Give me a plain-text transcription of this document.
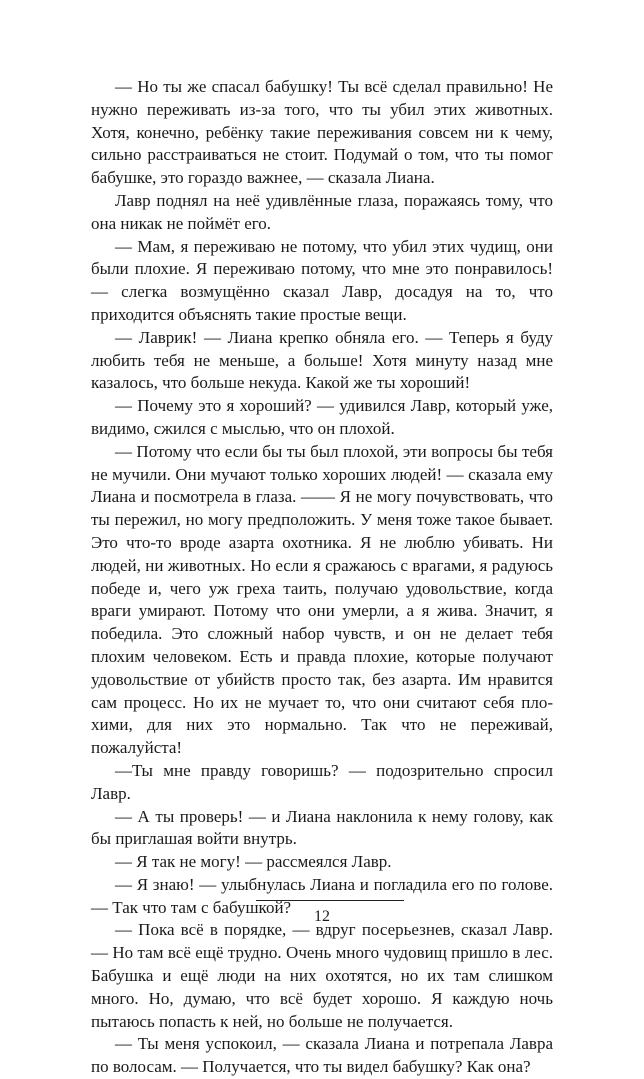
— Но ты же спасал бабушку! Ты всё сделал правильно! Не нужно переживать из-за того, что ты убил этих животных. Хотя, конечно, ребёнку такие переживания совсем ни к чему, сильно расстраиваться не стоит. Подумай о том, что ты помог бабушке, это гораздо важнее, — сказала Лиана.

Лавр поднял на неё удивлённые глаза, поражаясь тому, что она никак не поймёт его.

— Мам, я переживаю не потому, что убил этих чудищ, они были плохие. Я переживаю потому, что мне это понравилось! — слегка возмущённо сказал Лавр, досадуя на то, что приходится объяснять такие простые вещи.

— Лаврик! — Лиана крепко обняла его. — Теперь я буду любить тебя не меньше, а больше! Хотя минуту назад мне казалось, что больше некуда. Какой же ты хороший!

— Почему это я хороший? — удивился Лавр, который уже, видимо, сжился с мыслью, что он плохой.

— Потому что если бы ты был плохой, эти вопросы бы тебя не мучили. Они мучают только хороших людей! — сказала ему Лиана и посмотрела в глаза. —— Я не могу почувствовать, что ты пережил, но могу предположить. У меня тоже такое бывает. Это что-то вроде азарта охотника. Я не люблю убивать. Ни людей, ни животных. Но если я сражаюсь с врагами, я радуюсь победе и, чего уж греха таить, получаю удовольствие, когда враги умирают. Потому что они умерли, а я жива. Значит, я победила. Это сложный набор чувств, и он не делает тебя плохим человеком. Есть и правда плохие, которые получают удовольствие от убийств просто так, без азарта. Им нравится сам процесс. Но их не мучает то, что они считают себя плохими, для них это нормально. Так что не переживай, пожалуйста!

—Ты мне правду говоришь? — подозрительно спросил Лавр.

— А ты проверь! — и Лиана наклонила к нему голову, как бы приглашая войти внутрь.

— Я так не могу! — рассмеялся Лавр.

— Я знаю! — улыбнулась Лиана и погладила его по голове. — Так что там с бабушкой?

— Пока всё в порядке, — вдруг посерьезнев, сказал Лавр. — Но там всё ещё трудно. Очень много чудовищ пришло в лес. Бабушка и ещё люди на них охотятся, но их там слишком много. Но, думаю, что всё будет хорошо. Я каждую ночь пытаюсь попасть к ней, но больше не получается.

— Ты меня успокоил, — сказала Лиана и потрепала Лавра по волосам. — Получается, что ты видел бабушку? Как она?

12
